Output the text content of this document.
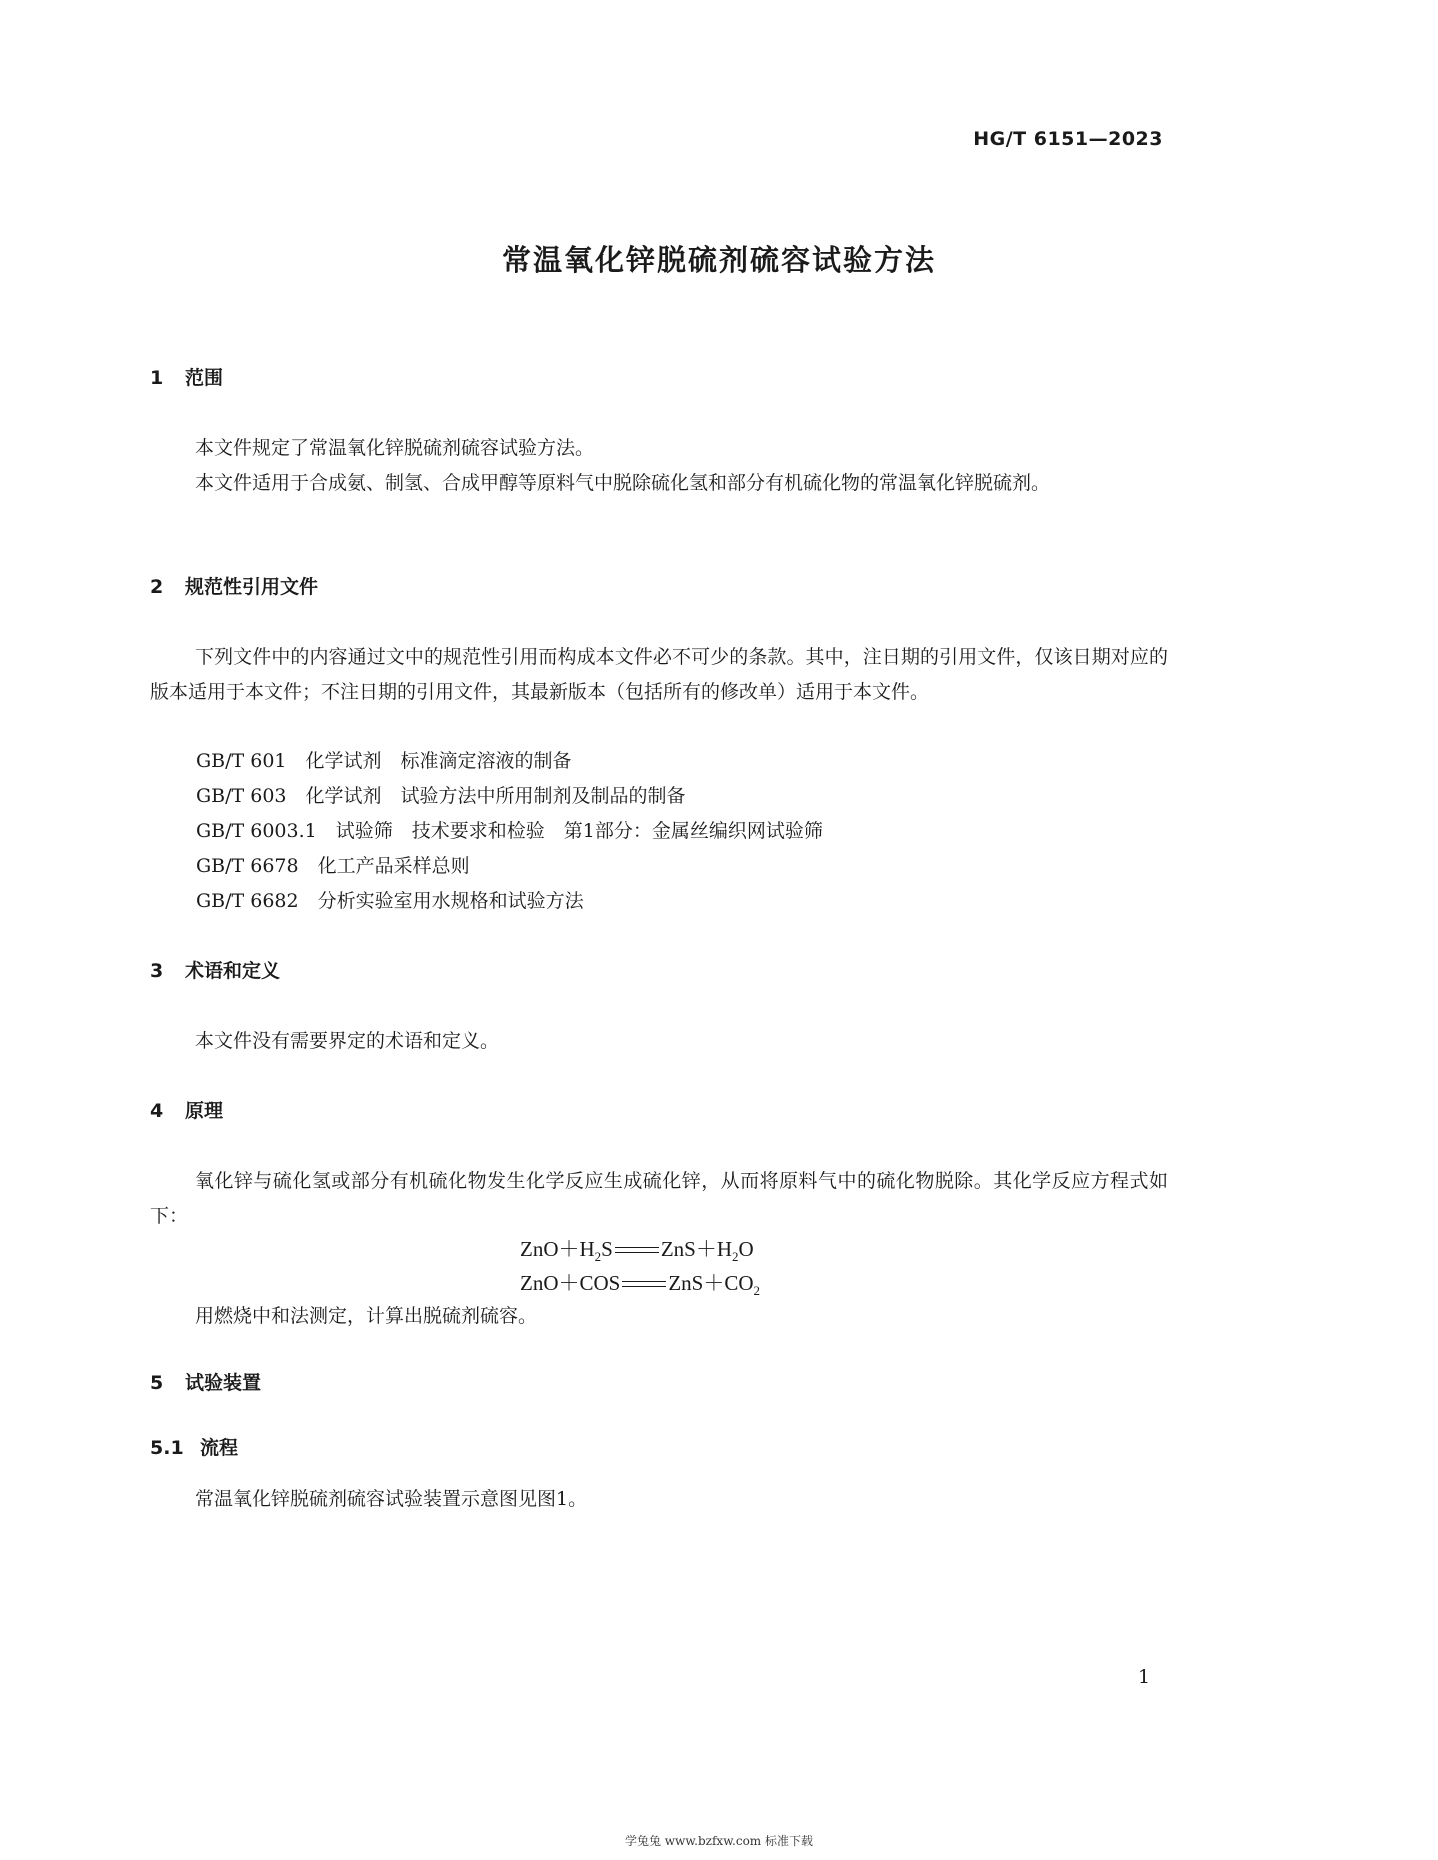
HG/T 6151—2023
常温氧化锌脱硫剂硫容试验方法
1 范围
本文件规定了常温氧化锌脱硫剂硫容试验方法。
本文件适用于合成氨、制氢、合成甲醇等原料气中脱除硫化氢和部分有机硫化物的常温氧化锌脱硫剂。
2 规范性引用文件
下列文件中的内容通过文中的规范性引用而构成本文件必不可少的条款。其中，注日期的引用文件，仅该日期对应的版本适用于本文件；不注日期的引用文件，其最新版本（包括所有的修改单）适用于本文件。
GB/T 601　 化学试剂　标准滴定溶液的制备
GB/T 603　 化学试剂　试验方法中所用制剂及制品的制备
GB/T 6003.1　 试验筛　技术要求和检验　第1部分：金属丝编织网试验筛
GB/T 6678　 化工产品采样总则
GB/T 6682　 分析实验室用水规格和试验方法
3 术语和定义
本文件没有需要界定的术语和定义。
4 原理
氧化锌与硫化氢或部分有机硫化物发生化学反应生成硫化锌，从而将原料气中的硫化物脱除。其化学反应方程式如下：
$ZnO+H_2S$ $ZnS+H_2O$
ZnO＋COS $ZnS+CO_2$
用燃烧中和法测定，计算出脱硫剂硫容。
5 试验装置
5.1 流程
常温氧化锌脱硫剂硫容试验装置示意图见图1。
1
学兔兔 www.bzfxw.com 标准下载
